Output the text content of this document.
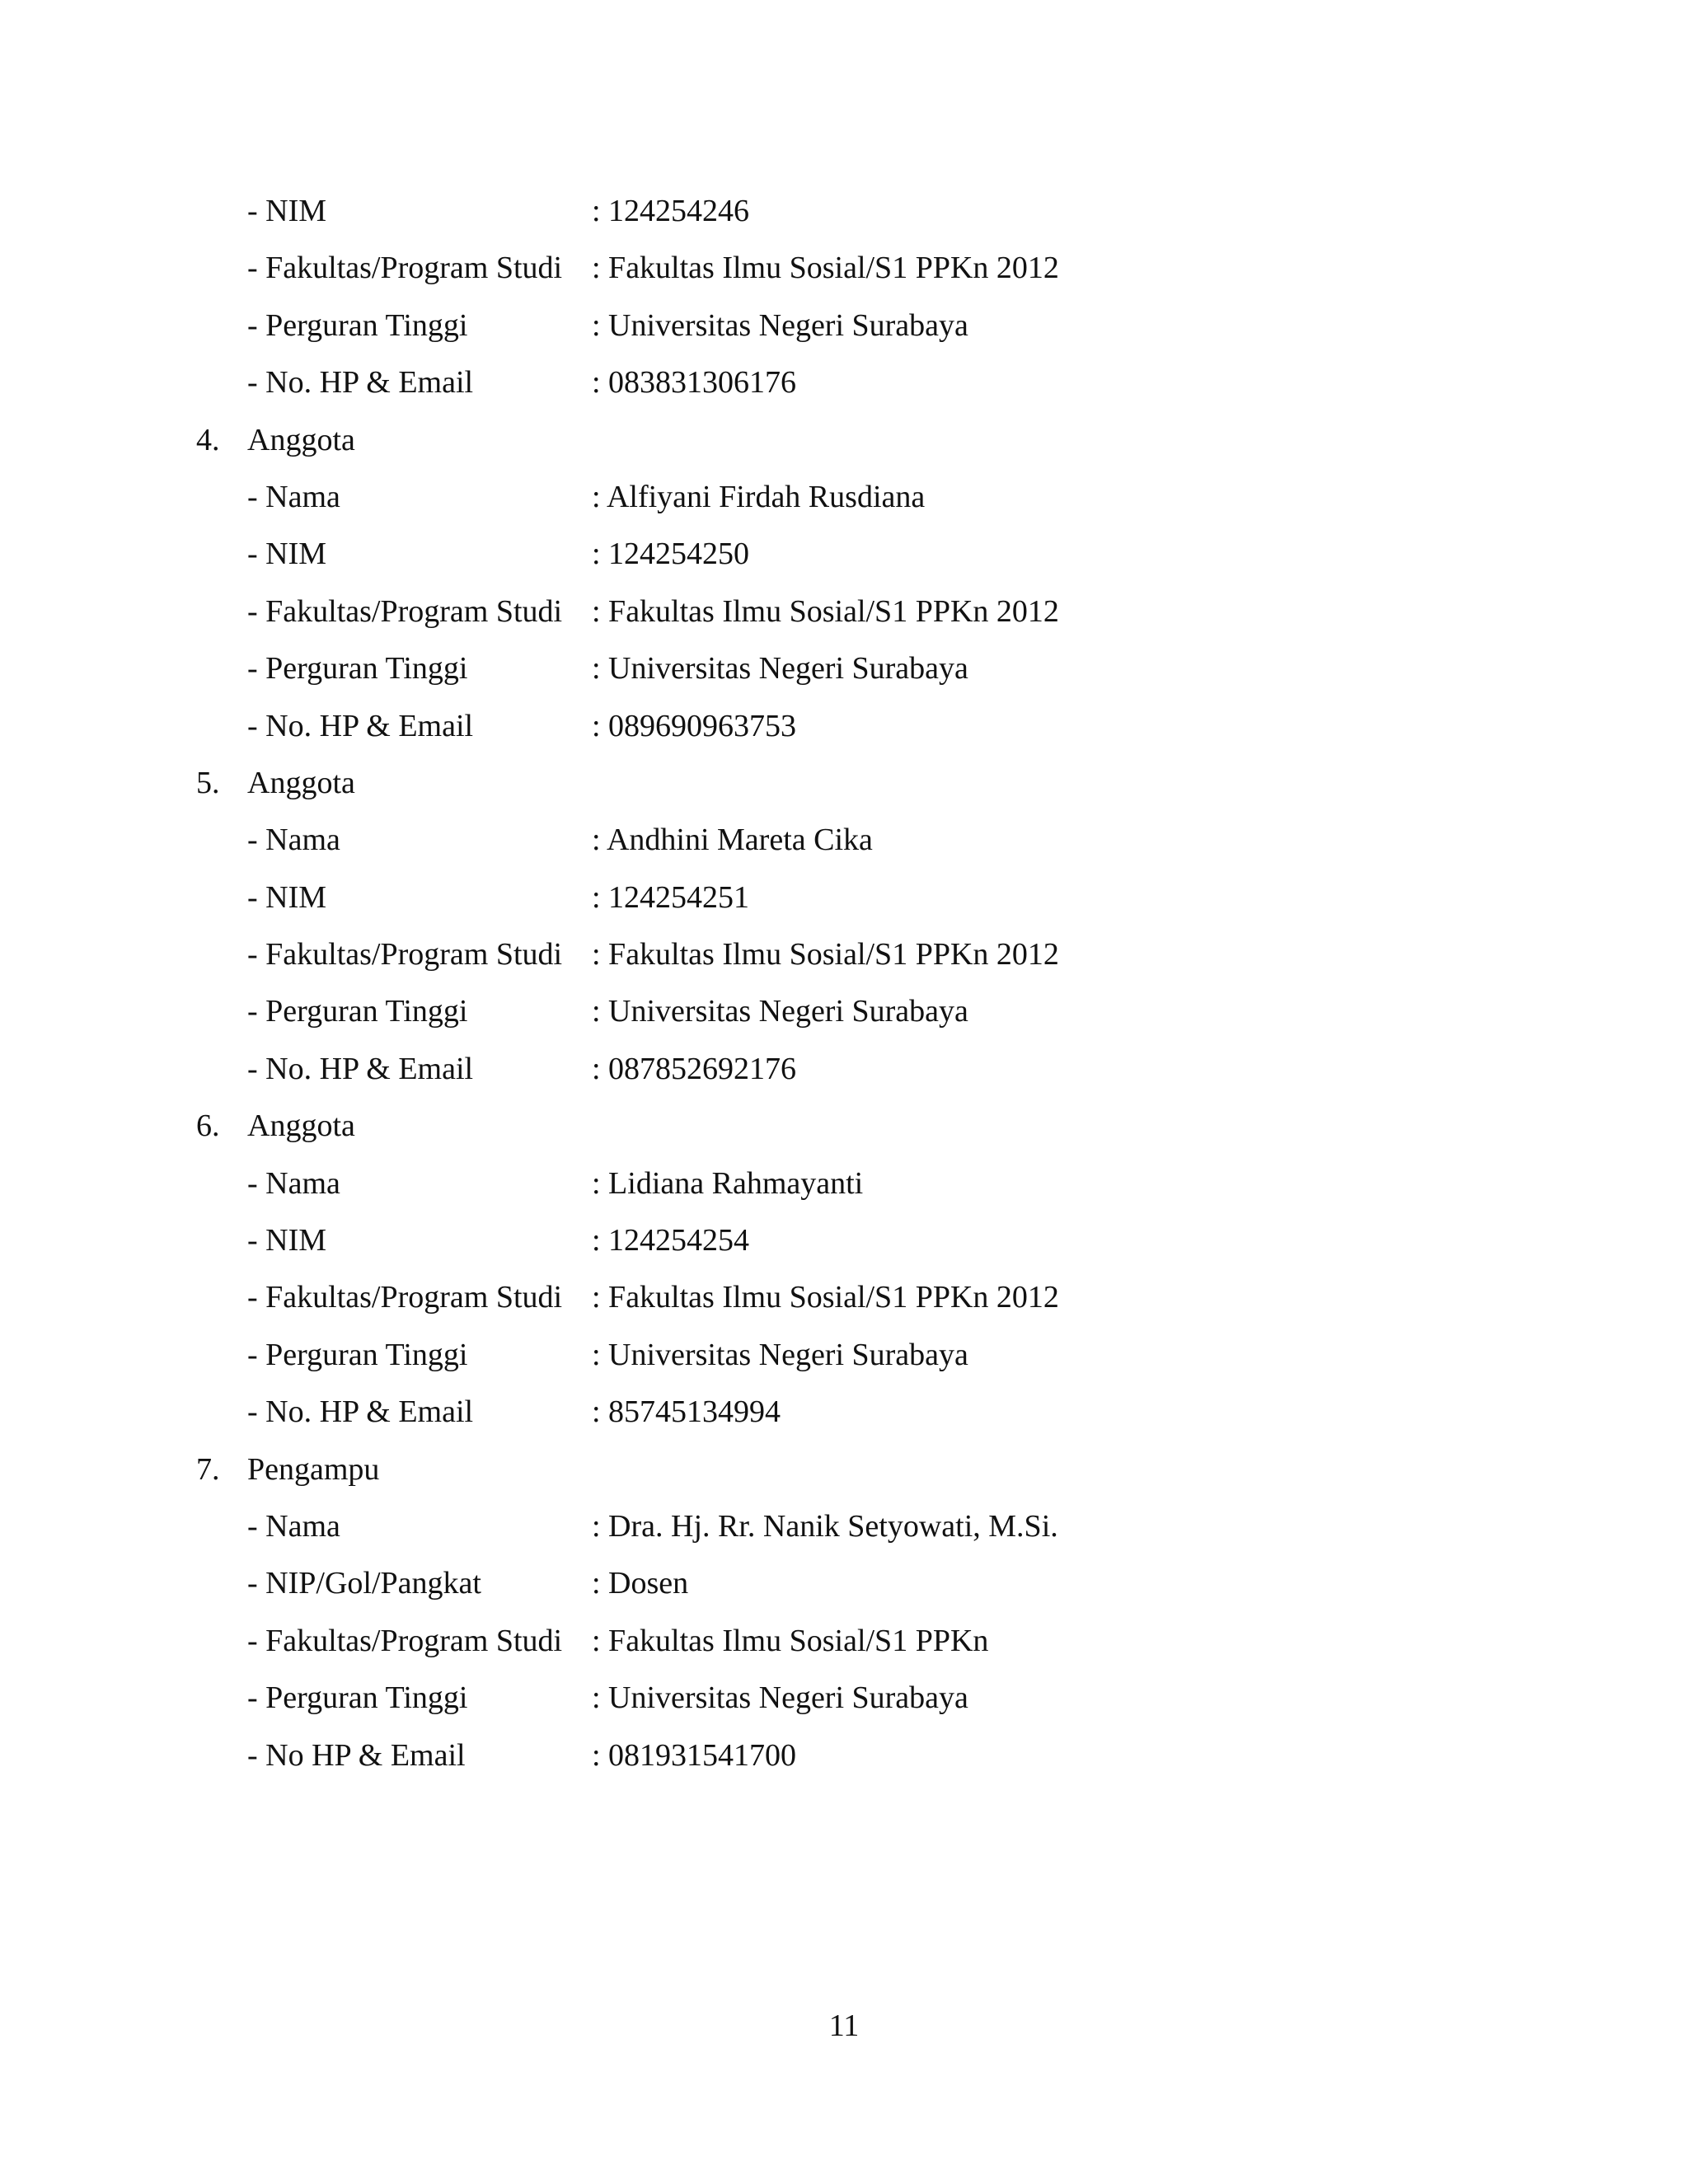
- NIM	: 124254246
- Fakultas/Program Studi : Fakultas Ilmu Sosial/S1 PPKn 2012
- Perguran Tinggi	: Universitas Negeri Surabaya
- No. HP & Email	: 083831306176
4. Anggota
- Nama	: Alfiyani Firdah Rusdiana
- NIM	: 124254250
- Fakultas/Program Studi : Fakultas Ilmu Sosial/S1 PPKn 2012
- Perguran Tinggi	: Universitas Negeri Surabaya
- No. HP & Email	: 089690963753
5. Anggota
- Nama	: Andhini Mareta Cika
- NIM	: 124254251
- Fakultas/Program Studi : Fakultas Ilmu Sosial/S1 PPKn 2012
- Perguran Tinggi	: Universitas Negeri Surabaya
- No. HP & Email	: 087852692176
6. Anggota
- Nama	: Lidiana Rahmayanti
- NIM	: 124254254
- Fakultas/Program Studi : Fakultas Ilmu Sosial/S1 PPKn 2012
- Perguran Tinggi	: Universitas Negeri Surabaya
- No. HP & Email	: 85745134994
7. Pengampu
- Nama	: Dra. Hj. Rr. Nanik Setyowati, M.Si.
- NIP/Gol/Pangkat	: Dosen
- Fakultas/Program Studi : Fakultas Ilmu Sosial/S1 PPKn
- Perguran Tinggi	: Universitas Negeri Surabaya
- No HP & Email	: 081931541700
11
